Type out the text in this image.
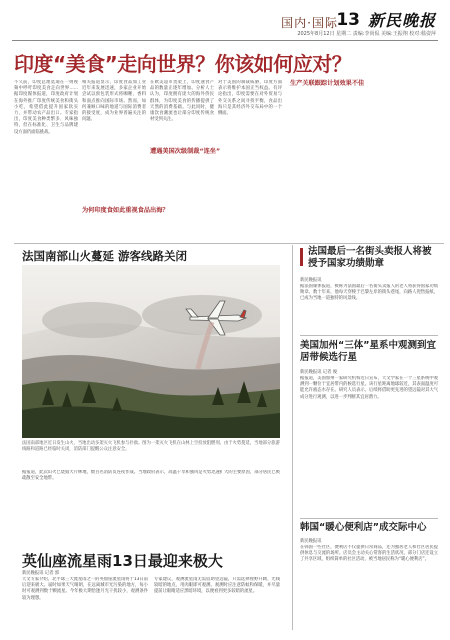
国内·国际
13 新民晚报
2025年8月12日 星期二 责编:李尚侃 美编:王振翔 校对:嵇姿萍
印度“美食”走向世界？你该如何应对？
不久前，印度总理莫迪在一则视频中呼吁印度美食走向世界……据印度媒体报道，印度政府计划在海外推广印度传统美食和街头小吃，希望借此提升国家软实力，并带动农产品出口。专家指出，印度美食种类繁多、风味独特，但在标准化、卫生与品牌建设方面仍面临挑战。
相关报道显示，印度食品加工业近年来发展迅速，多家企业开始尝试以预包装形式将咖喱、香料和面点推向国际市场。然而，如何兼顾口味的地道与国际消费者的接受度，成为业界普遍关注的问题。
为何印度食如此重视食品出海？
在欧美超市货架上，印度速食产品的数量正逐年增加。分析人士认为，印度拥有庞大的海外侨民群体，为印度美食的传播提供了天然的消费基础。与此同时，健康饮食潮流也让部分印度传统食材受到关注。
遭遇美国次级制裁“连坐”
对于美国的制裁威胁，印度方面表示将维护本国正当权益。有评论指出，印度需要在对外贸易与外交关系之间寻找平衡，食品出海只是其经济外交布局中的一个侧面。
生产关联跟踪计划效果不佳
法国最后一名街头卖报人将被授予国家功绩勋章
新民晚报讯
据法国媒体报道，被称为法国最后一名街头卖报人的老人将获得国家功绩勋章。数十年来，他每天穿梭于巴黎左岸的街头巷尾，向路人兜售报纸，已成为当地一道独特的风景线。
美国加州“三体”星系中观测到宜居带候选行星
新民晚报讯 记者 俊
据报道，美国加州一家研究机构近日宣布，天文学家在一个三星系统中观测到一颗位于宜居带内的候选行星。该行星距离地球较近，其表面温度可能允许液态水存在。研究人员表示，后续将借助更先进的望远镜对其大气成分进行观测，以进一步判断其宜居潜力。
韩国“暖心便利店”成交际中心
新民晚报讯
在韩国一些社区，便利店不仅提供日常商品，还为独居老人和社区居民提供休息与交流的场所。店员会主动关心常客的生活状况，部分门店还设立了共享区域，组织简单的社区活动，被当地居民称为“暖心便利店”。
法国南部山火蔓延 游客线路关闭
法国南部地区近日发生山火，当地出动多架灭火飞机参与扑救。图为一架灭火飞机在山林上空投放阻燃剂。由于火势蔓延，当地部分旅游线路和道路已经临时关闭，消防部门提醒公众注意安全。
据报道，此次山火已烧毁大片林地，数百名消防员连夜作战。当地政府表示，高温干旱和强风是火势迅速扩大的主要原因，部分居民已被疏散至安全地带。
英仙座流星雨13日最迎来极大
新民晚报讯 记者 郭
天文专家介绍，北半球三大流星雨之一的英仙座流星雨将于13日前后迎来极大。届时如果天气晴朗，在远离城市光污染的地方，每小时可观测到数十颗流星。今年极大期恰逢月光干扰较小，观测条件较为理想。
专家建议，观测流星雨无需借助望远镜，只需选择视野开阔、光线较暗的地点，用肉眼即可观测。观测时应注意防蚊和保暖，并尽量提前让眼睛适应黑暗环境，以便看到更多较暗的流星。
